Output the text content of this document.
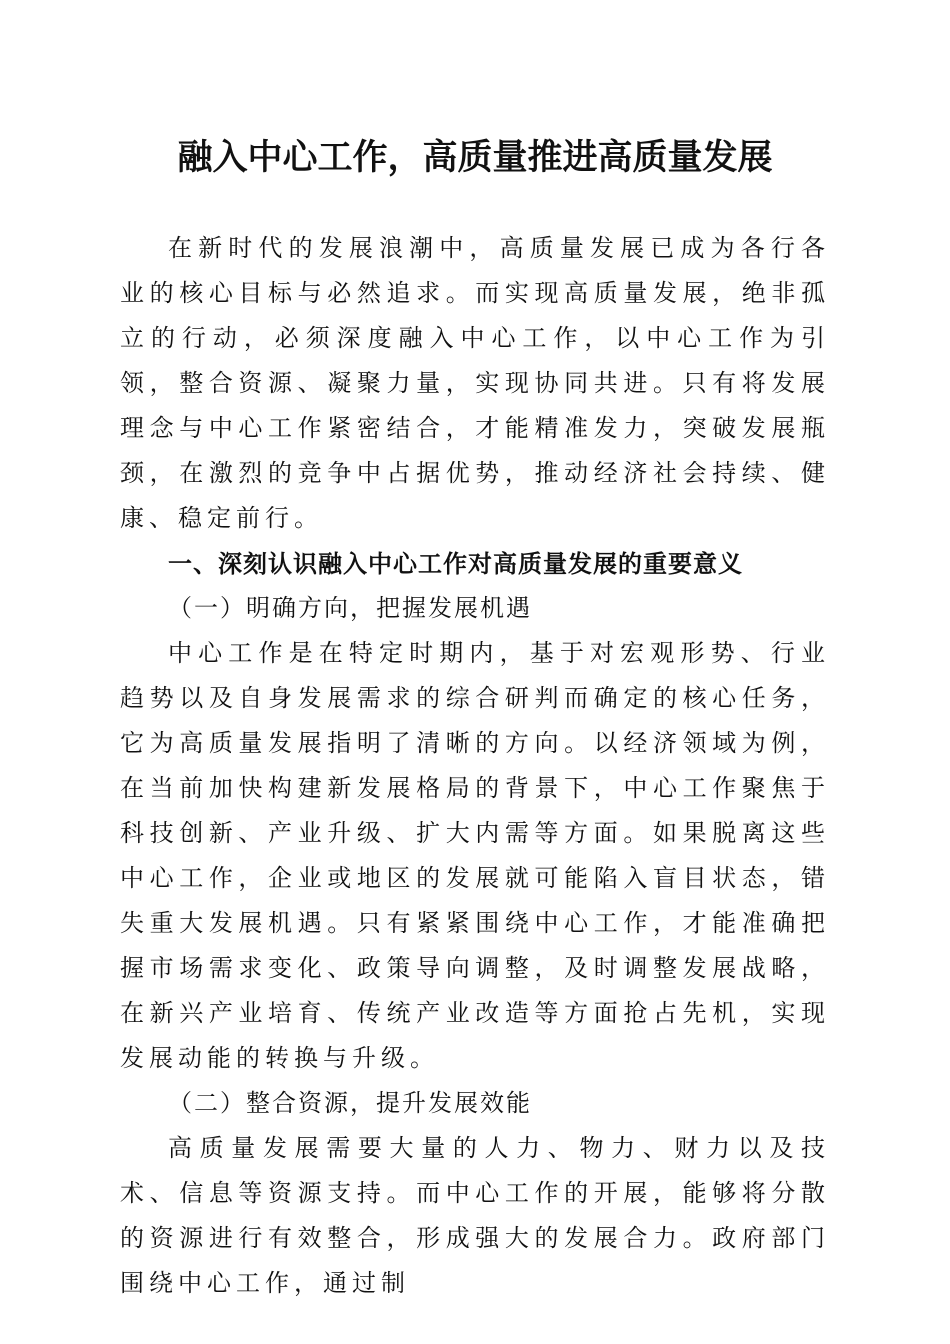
融入中心工作，高质量推进高质量发展

在新时代的发展浪潮中，高质量发展已成为各行各业的核心目标与必然追求。而实现高质量发展，绝非孤立的行动，必须深度融入中心工作，以中心工作为引领，整合资源、凝聚力量，实现协同共进。只有将发展理念与中心工作紧密结合，才能精准发力，突破发展瓶颈，在激烈的竞争中占据优势，推动经济社会持续、健康、稳定前行。

一、深刻认识融入中心工作对高质量发展的重要意义
（一）明确方向，把握发展机遇

中心工作是在特定时期内，基于对宏观形势、行业趋势以及自身发展需求的综合研判而确定的核心任务，它为高质量发展指明了清晰的方向。以经济领域为例，在当前加快构建新发展格局的背景下，中心工作聚焦于科技创新、产业升级、扩大内需等方面。如果脱离这些中心工作，企业或地区的发展就可能陷入盲目状态，错失重大发展机遇。只有紧紧围绕中心工作，才能准确把握市场需求变化、政策导向调整，及时调整发展战略，在新兴产业培育、传统产业改造等方面抢占先机，实现发展动能的转换与升级。

（二）整合资源，提升发展效能

高质量发展需要大量的人力、物力、财力以及技术、信息等资源支持。而中心工作的开展，能够将分散的资源进行有效整合，形成强大的发展合力。政府部门围绕中心工作，通过制
